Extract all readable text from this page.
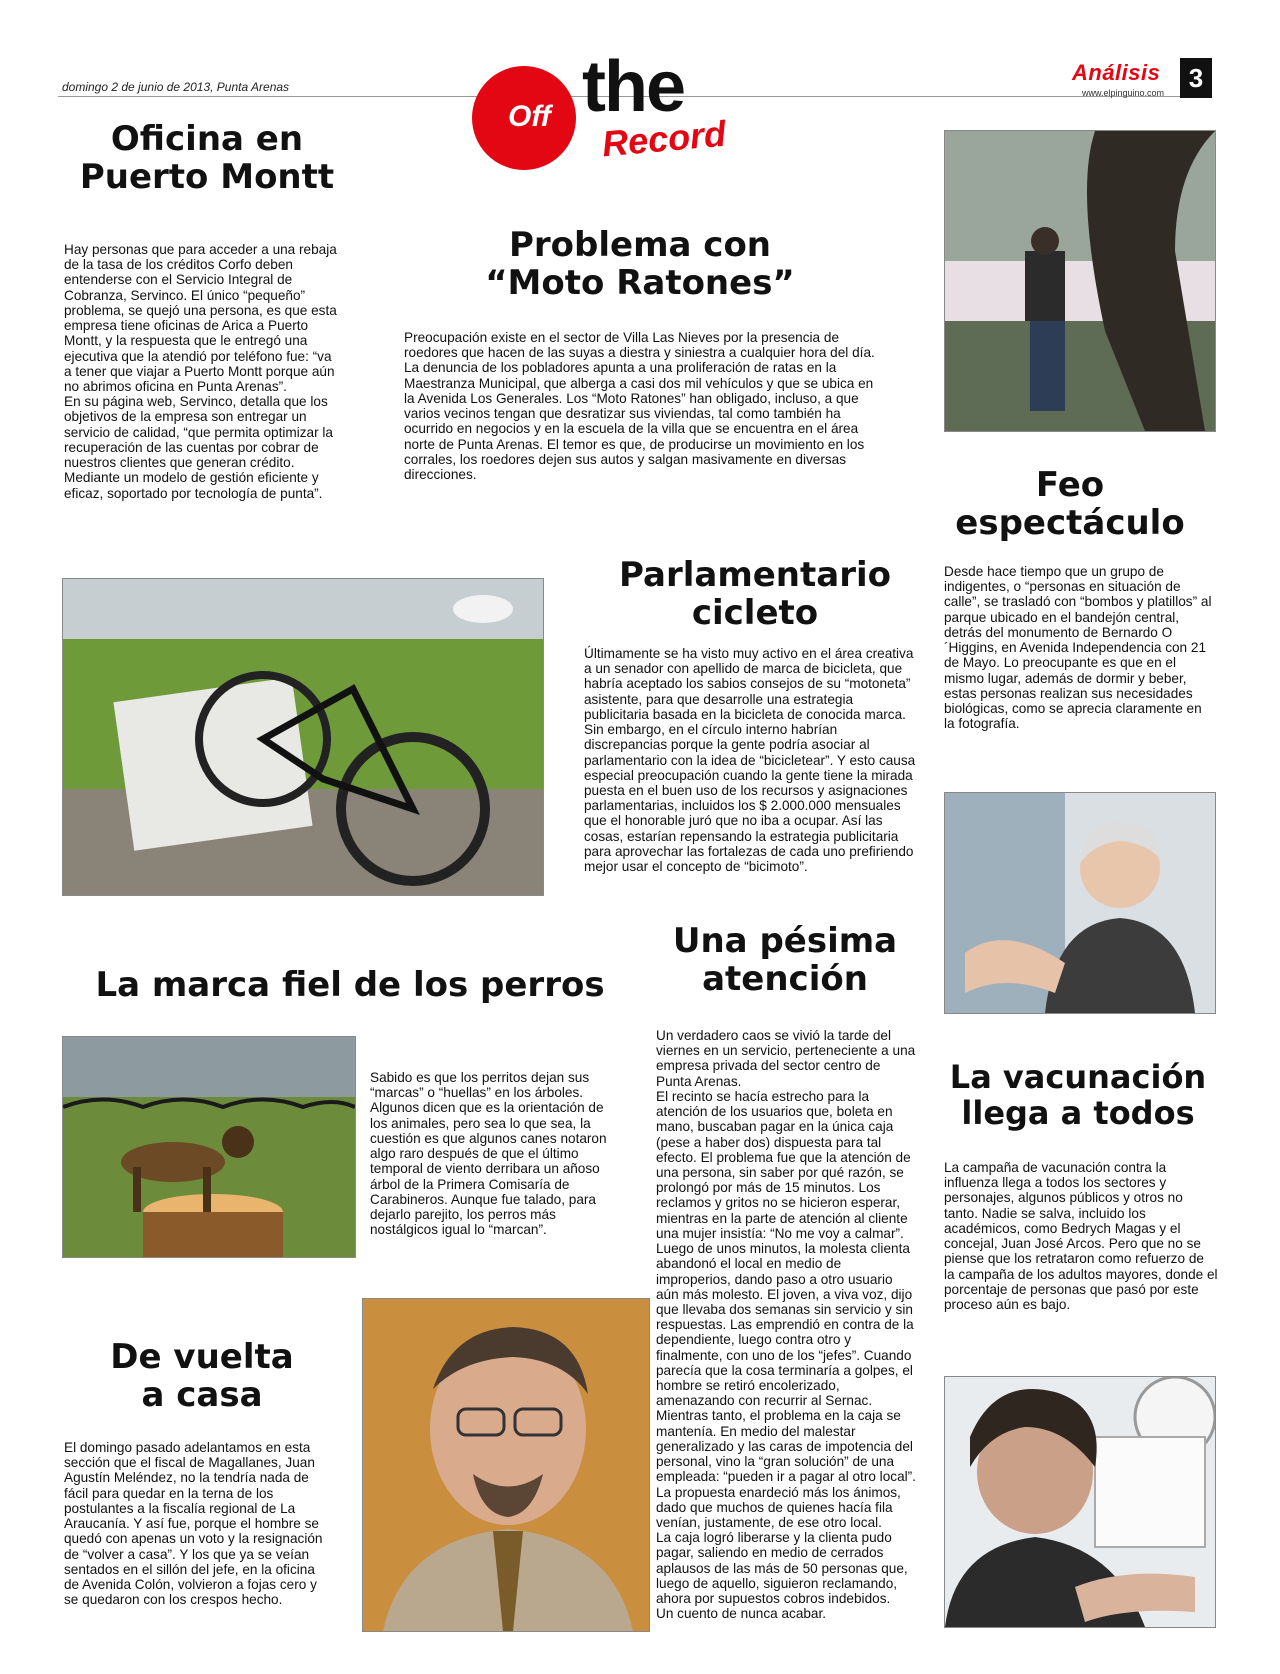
domingo 2 de junio de 2013, Punta Arenas
Off the
Record
Análisis
www.elpinguino.com 3
Oficina en
Puerto Montt

Hay personas que para acceder a una rebaja de la tasa de los créditos Corfo deben entenderse con el Servicio Integral de Cobranza, Servinco. El único “pequeño” problema, se quejó una persona, es que esta empresa tiene oficinas de Arica a Puerto Montt, y la respuesta que le entregó una ejecutiva que la atendió por teléfono fue: “va a tener que viajar a Puerto Montt porque aún no abrimos oficina en Punta Arenas”.
En su página web, Servinco, detalla que los objetivos de la empresa son entregar un servicio de calidad, “que permita optimizar la recuperación de las cuentas por cobrar de nuestros clientes que generan crédito. Mediante un modelo de gestión eficiente y eficaz, soportado por tecnología de punta”.

Problema con
“Moto Ratones”

Preocupación existe en el sector de Villa Las Nieves por la presencia de roedores que hacen de las suyas a diestra y siniestra a cualquier hora del día.
La denuncia de los pobladores apunta a una proliferación de ratas en la Maestranza Municipal, que alberga a casi dos mil vehículos y que se ubica en la Avenida Los Generales. Los “Moto Ratones” han obligado, incluso, a que varios vecinos tengan que desratizar sus viviendas, tal como también ha ocurrido en negocios y en la escuela de la villa que se encuentra en el área norte de Punta Arenas. El temor es que, de producirse un movimiento en los corrales, los roedores dejen sus autos y salgan masivamente en diversas direcciones.	Feo
espectáculo

Desde hace tiempo que un grupo de indigentes, o “personas en situación de calle”, se trasladó con “bombos y platillos” al parque ubicado en el bandejón central, detrás del monumento de Bernardo O´Higgins, en Avenida Independencia con 21 de Mayo. Lo preocupante es que en el mismo lugar, además de dormir y beber, estas personas realizan sus necesidades biológicas, como se aprecia claramente en la fotografía.

Parlamentario
cicleto

Últimamente se ha visto muy activo en el área creativa a un senador con apellido de marca de bicicleta, que habría aceptado los sabios consejos de su “motoneta” asistente, para que desarrolle una estrategia publicitaria basada en la bicicleta de conocida marca. Sin embargo, en el círculo interno habrían discrepancias porque la gente podría asociar al parlamentario con la idea de “bicicletear”. Y esto causa especial preocupación cuando la gente tiene la mirada puesta en el buen uso de los recursos y asignaciones parlamentarias, incluidos los $ 2.000.000 mensuales que el honorable juró que no iba a ocupar. Así las cosas, estarían repensando la estrategia publicitaria para aprovechar las fortalezas de cada uno prefiriendo mejor usar el concepto de “bicimoto”.

La marca fiel de los perros

Sabido es que los perritos dejan sus “marcas” o “huellas” en los árboles. Algunos dicen que es la orientación de los animales, pero sea lo que sea, la cuestión es que algunos canes notaron algo raro después de que el último temporal de viento derribara un añoso árbol de la Primera Comisaría de Carabineros. Aunque fue talado, para dejarlo parejito, los perros más nostálgicos igual lo “marcan”.

Una pésima
atención

Un verdadero caos se vivió la tarde del viernes en un servicio, perteneciente a una empresa privada del sector centro de Punta Arenas.
El recinto se hacía estrecho para la atención de los usuarios que, boleta en mano, buscaban pagar en la única caja (pese a haber dos) dispuesta para tal efecto. El problema fue que la atención de una persona, sin saber por qué razón, se prolongó por más de 15 minutos. Los reclamos y gritos no se hicieron esperar, mientras en la parte de atención al cliente una mujer insistía: “No me voy a calmar”. Luego de unos minutos, la molesta clienta abandonó el local en medio de improperios, dando paso a otro usuario aún más molesto. El joven, a viva voz, dijo que llevaba dos semanas sin servicio y sin respuestas. Las emprendió en contra de la dependiente, luego contra otro y finalmente, con uno de los “jefes”. Cuando parecía que la cosa terminaría a golpes, el hombre se retiró encolerizado, amenazando con recurrir al Sernac.
Mientras tanto, el problema en la caja se mantenía. En medio del malestar generalizado y las caras de impotencia del personal, vino la “gran solución” de una empleada: “pueden ir a pagar al otro local”. La propuesta enardeció más los ánimos, dado que muchos de quienes hacía fila venían, justamente, de ese otro local.
La caja logró liberarse y la clienta pudo pagar, saliendo en medio de cerrados aplausos de las más de 50 personas que, luego de aquello, siguieron reclamando, ahora por supuestos cobros indebidos.
Un cuento de nunca acabar.

La vacunación
llega a todos

La campaña de vacunación contra la influenza llega a todos los sectores y personajes, algunos públicos y otros no tanto. Nadie se salva, incluido los académicos, como Bedrych Magas y el concejal, Juan José Arcos. Pero que no se piense que los retrataron como refuerzo de la campaña de los adultos mayores, donde el porcentaje de personas que pasó por este proceso aún es bajo.

De vuelta
a casa

El domingo pasado adelantamos en esta sección que el fiscal de Magallanes, Juan Agustín Meléndez, no la tendría nada de fácil para quedar en la terna de los postulantes a la fiscalía regional de La Araucanía. Y así fue, porque el hombre se quedó con apenas un voto y la resignación de “volver a casa”. Y los que ya se veían sentados en el sillón del jefe, en la oficina de Avenida Colón, volvieron a fojas cero y se quedaron con los crespos hecho.
